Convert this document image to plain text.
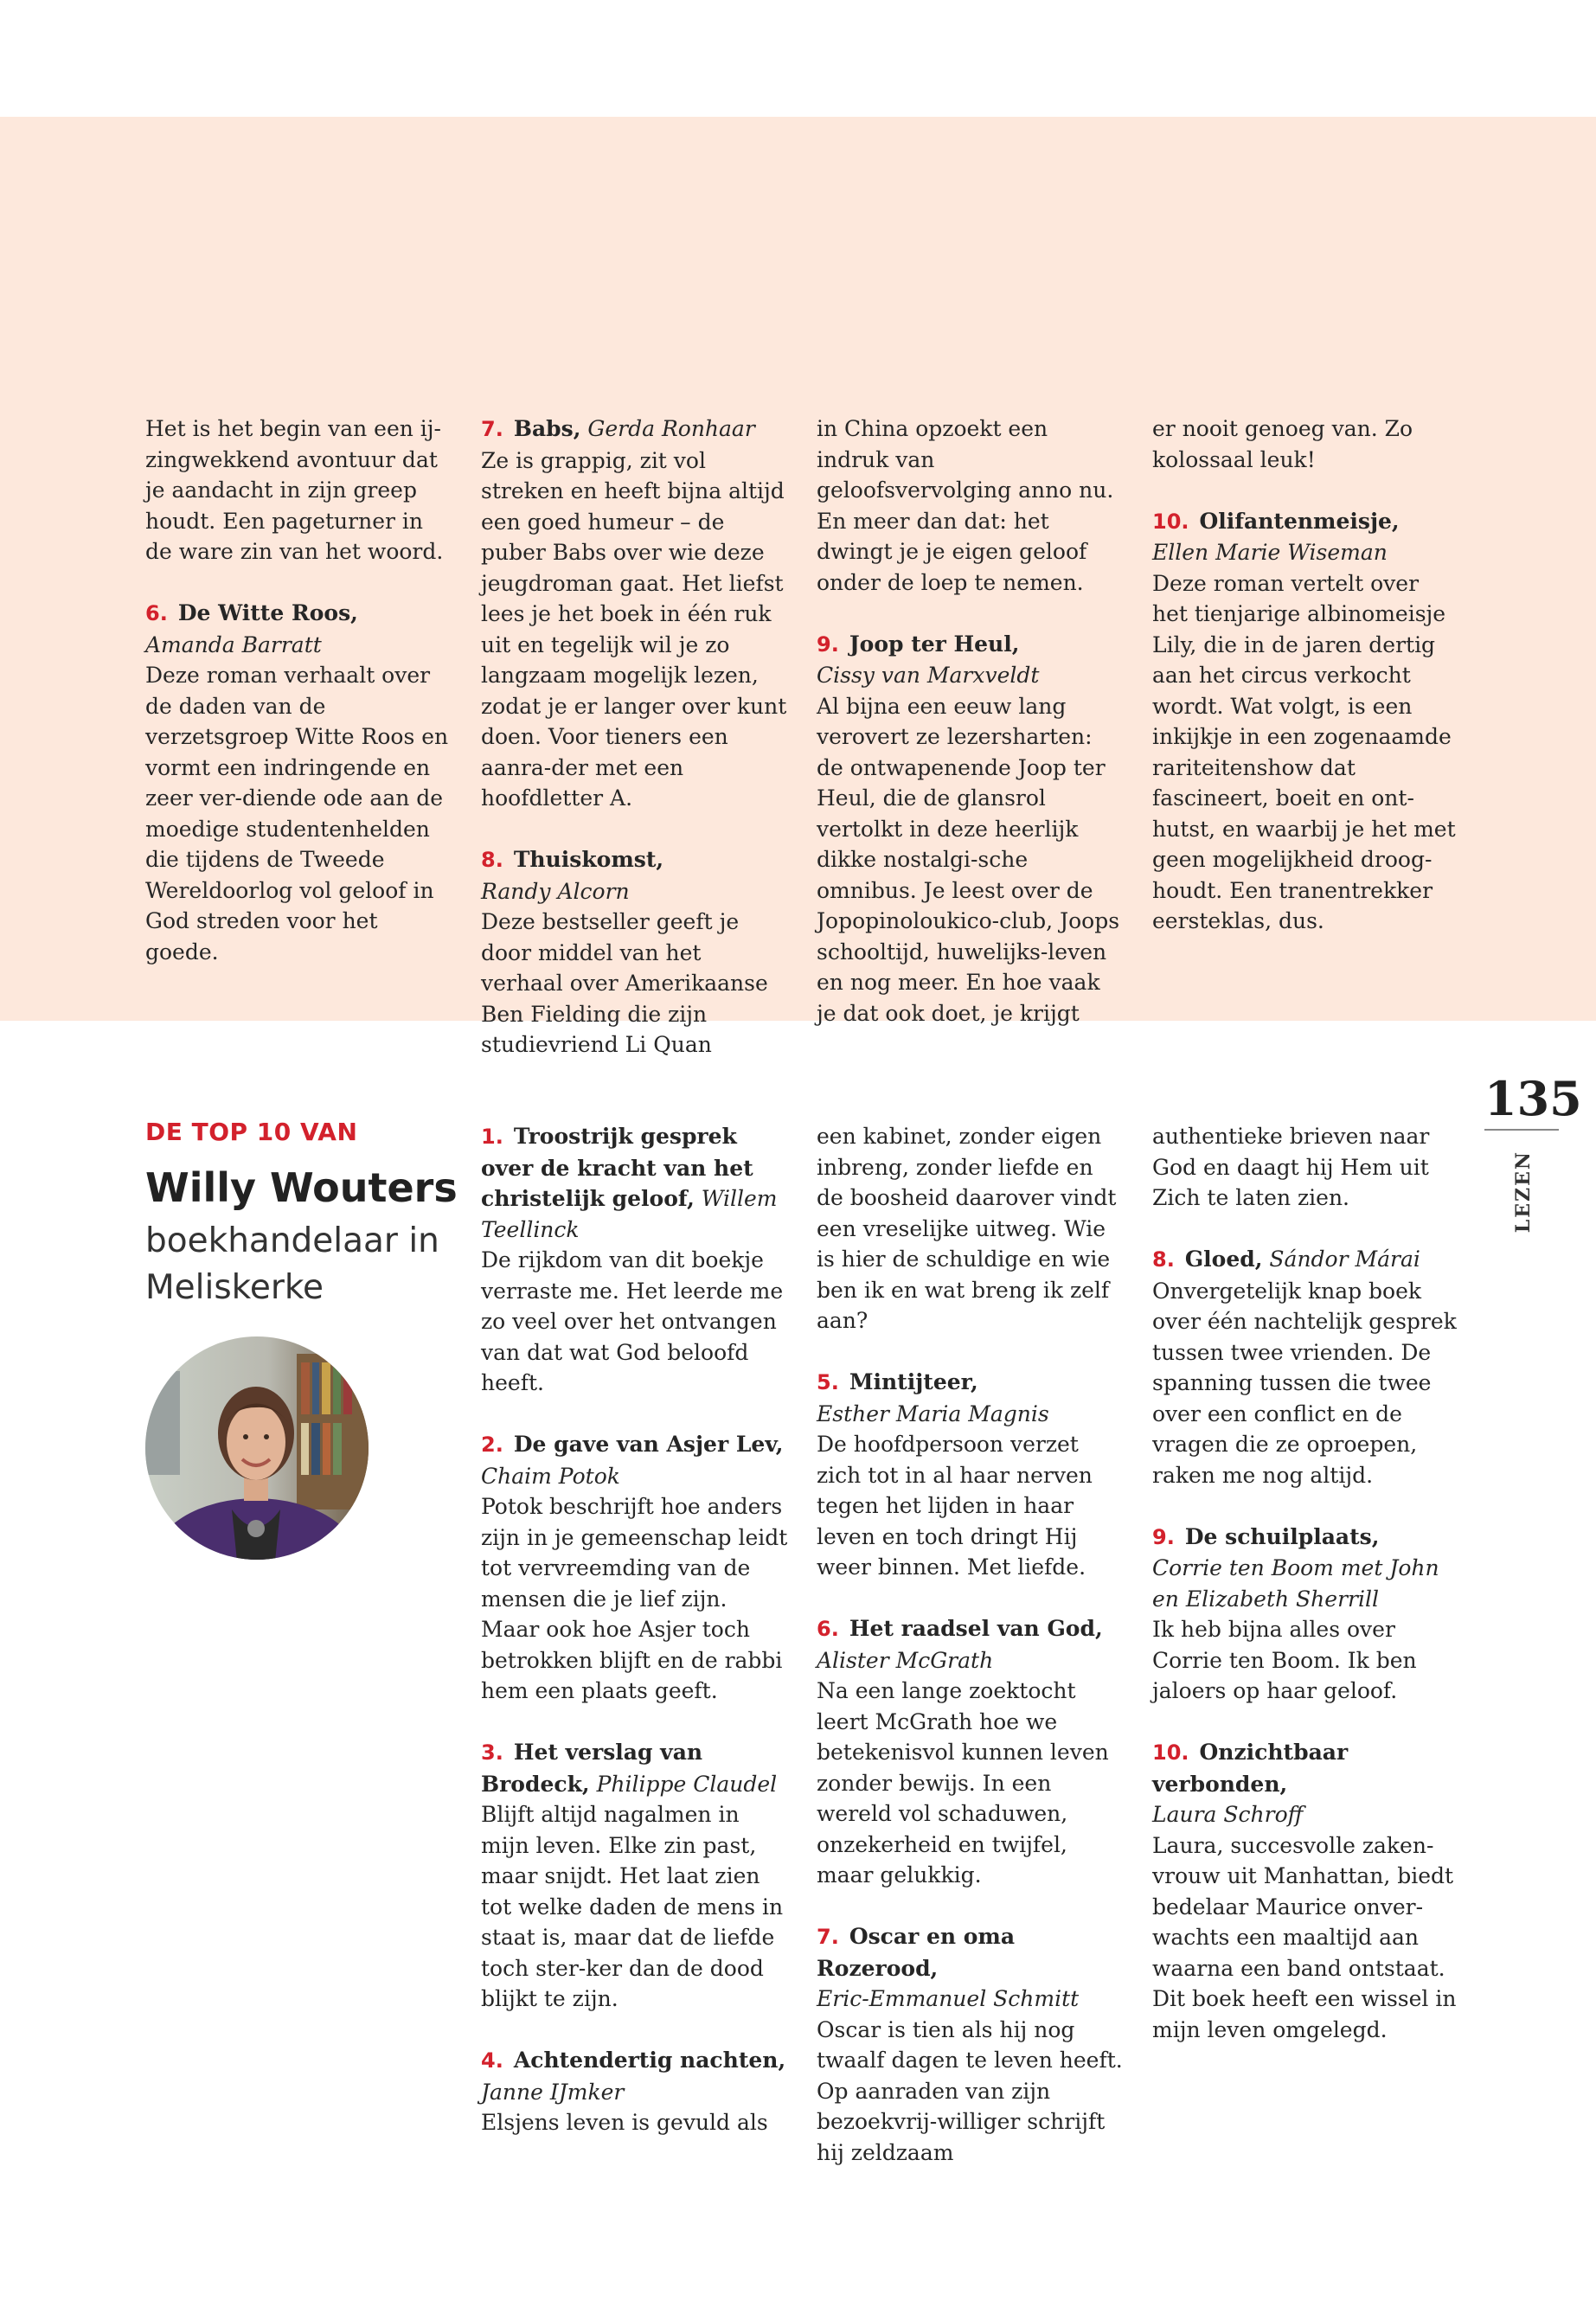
Het is het begin van een ij-zingwekkend avontuur dat je aandacht in zijn greep houdt. Een pageturner in de ware zin van het woord.

6. De Witte Roos,
Amanda Barratt
Deze roman verhaalt over de daden van de verzetsgroep Witte Roos en vormt een indringende en zeer ver-diende ode aan de moedige studentenhelden die tijdens de Tweede Wereldoorlog vol geloof in God streden voor het goede.

7. Babs, Gerda Ronhaar
Ze is grappig, zit vol streken en heeft bijna altijd een goed humeur – de puber Babs over wie deze jeugdroman gaat. Het liefst lees je het boek in één ruk uit en tegelijk wil je zo langzaam mogelijk lezen, zodat je er langer over kunt doen. Voor tieners een aanra-der met een hoofdletter A.

8. Thuiskomst,
Randy Alcorn
Deze bestseller geeft je door middel van het verhaal over Amerikaanse Ben Fielding die zijn studievriend Li Quan

in China opzoekt een indruk van geloofsvervolging anno nu. En meer dan dat: het dwingt je je eigen geloof onder de loep te nemen.

9. Joop ter Heul,
Cissy van Marxveldt
Al bijna een eeuw lang verovert ze lezersharten: de ontwapenende Joop ter Heul, die de glansrol vertolkt in deze heerlijk dikke nostalgi-sche omnibus. Je leest over de Jopopinoloukico-club, Joops schooltijd, huwelijks-leven en nog meer. En hoe vaak je dat ook doet, je krijgt

er nooit genoeg van. Zo kolossaal leuk!

10. Olifantenmeisje,
Ellen Marie Wiseman
Deze roman vertelt over het tienjarige albinomeisje Lily, die in de jaren dertig aan het circus verkocht wordt. Wat volgt, is een inkijkje in een zogenaamde rariteitenshow dat fascineert, boeit en ont-hutst, en waarbij je het met geen mogelijkheid droog-houdt. Een tranentrekker eersteklas, dus.

DE TOP 10 VAN
Willy Wouters
boekhandelaar in Meliskerke

1. Troostrijk gesprek over de kracht van het christelijk geloof, Willem Teellinck
De rijkdom van dit boekje verraste me. Het leerde me zo veel over het ontvangen van dat wat God beloofd heeft.

2. De gave van Asjer Lev,
Chaim Potok
Potok beschrijft hoe anders zijn in je gemeenschap leidt tot vervreemding van de mensen die je lief zijn. Maar ook hoe Asjer toch betrokken blijft en de rabbi hem een plaats geeft.

3. Het verslag van Brodeck, Philippe Claudel
Blijft altijd nagalmen in mijn leven. Elke zin past, maar snijdt. Het laat zien tot welke daden de mens in staat is, maar dat de liefde toch ster-ker dan de dood blijkt te zijn.

4. Achtendertig nachten,
Janne IJmker
Elsjens leven is gevuld als

een kabinet, zonder eigen inbreng, zonder liefde en de boosheid daarover vindt een vreselijke uitweg. Wie is hier de schuldige en wie ben ik en wat breng ik zelf aan?

5. Mintijteer,
Esther Maria Magnis
De hoofdpersoon verzet zich tot in al haar nerven tegen het lijden in haar leven en toch dringt Hij weer binnen. Met liefde.

6. Het raadsel van God,
Alister McGrath
Na een lange zoektocht leert McGrath hoe we betekenisvol kunnen leven zonder bewijs. In een wereld vol schaduwen, onzekerheid en twijfel, maar gelukkig.

7. Oscar en oma Rozerood,
Eric-Emmanuel Schmitt
Oscar is tien als hij nog twaalf dagen te leven heeft. Op aanraden van zijn bezoekvrij-williger schrijft hij zeldzaam

authentieke brieven naar God en daagt hij Hem uit Zich te laten zien.

8. Gloed, Sándor Márai
Onvergetelijk knap boek over één nachtelijk gesprek tussen twee vrienden. De spanning tussen die twee over een conflict en de vragen die ze oproepen, raken me nog altijd.

9. De schuilplaats,
Corrie ten Boom met John en Elizabeth Sherrill
Ik heb bijna alles over Corrie ten Boom. Ik ben jaloers op haar geloof.

10. Onzichtbaar verbonden,
Laura Schroff
Laura, succesvolle zaken-vrouw uit Manhattan, biedt bedelaar Maurice onver-wachts een maaltijd aan waarna een band ontstaat. Dit boek heeft een wissel in mijn leven omgelegd.

135
LEZEN
